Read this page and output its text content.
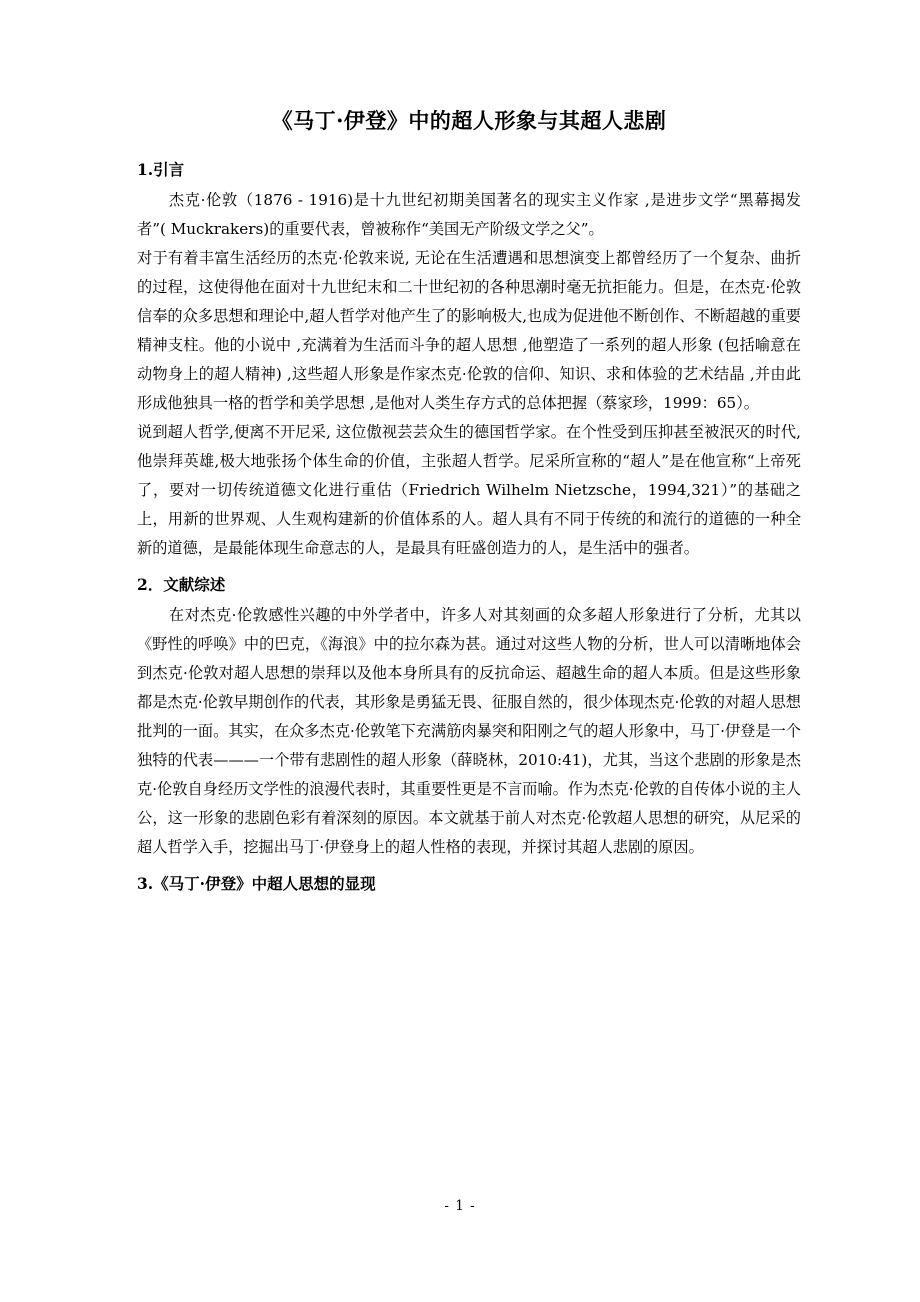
《马丁·伊登》中的超人形象与其超人悲剧
1.引言

杰克·伦敦（1876 - 1916)是十九世纪初期美国著名的现实主义作家 ,是进步文学“黑幕揭发者”( Muckrakers)的重要代表，曾被称作“美国无产阶级文学之父”。

对于有着丰富生活经历的杰克·伦敦来说, 无论在生活遭遇和思想演变上都曾经历了一个复杂、曲折的过程，这使得他在面对十九世纪末和二十世纪初的各种思潮时毫无抗拒能力。但是，在杰克·伦敦信奉的众多思想和理论中,超人哲学对他产生了的影响极大,也成为促进他不断创作、不断超越的重要精神支柱。他的小说中 ,充满着为生活而斗争的超人思想 ,他塑造了一系列的超人形象 (包括喻意在动物身上的超人精神) ,这些超人形象是作家杰克·伦敦的信仰、知识、求和体验的艺术结晶 ,并由此形成他独具一格的哲学和美学思想 ,是他对人类生存方式的总体把握（蔡家珍，1999：65）。

说到超人哲学,便离不开尼采, 这位傲视芸芸众生的德国哲学家。在个性受到压抑甚至被泯灭的时代, 他崇拜英雄,极大地张扬个体生命的价值，主张超人哲学。尼采所宣称的“超人”是在他宣称“上帝死了，要对一切传统道德文化进行重估（Friedrich Wilhelm Nietzsche，1994,321）”的基础之上，用新的世界观、人生观构建新的价值体系的人。超人具有不同于传统的和流行的道德的一种全新的道德，是最能体现生命意志的人，是最具有旺盛创造力的人，是生活中的强者。

2．文献综述

在对杰克·伦敦感性兴趣的中外学者中，许多人对其刻画的众多超人形象进行了分析，尤其以《野性的呼唤》中的巴克，《海浪》中的拉尔森为甚。通过对这些人物的分析，世人可以清晰地体会到杰克·伦敦对超人思想的崇拜以及他本身所具有的反抗命运、超越生命的超人本质。但是这些形象都是杰克·伦敦早期创作的代表，其形象是勇猛无畏、征服自然的，很少体现杰克·伦敦的对超人思想批判的一面。其实，在众多杰克·伦敦笔下充满筋肉暴突和阳刚之气的超人形象中，马丁·伊登是一个独特的代表———一个带有悲剧性的超人形象（薛晓林，2010:41)，尤其，当这个悲剧的形象是杰克·伦敦自身经历文学性的浪漫代表时，其重要性更是不言而喻。作为杰克·伦敦的自传体小说的主人公，这一形象的悲剧色彩有着深刻的原因。本文就基于前人对杰克·伦敦超人思想的研究，从尼采的超人哲学入手，挖掘出马丁·伊登身上的超人性格的表现，并探讨其超人悲剧的原因。

3.《马丁·伊登》中超人思想的显现
- 1 -
